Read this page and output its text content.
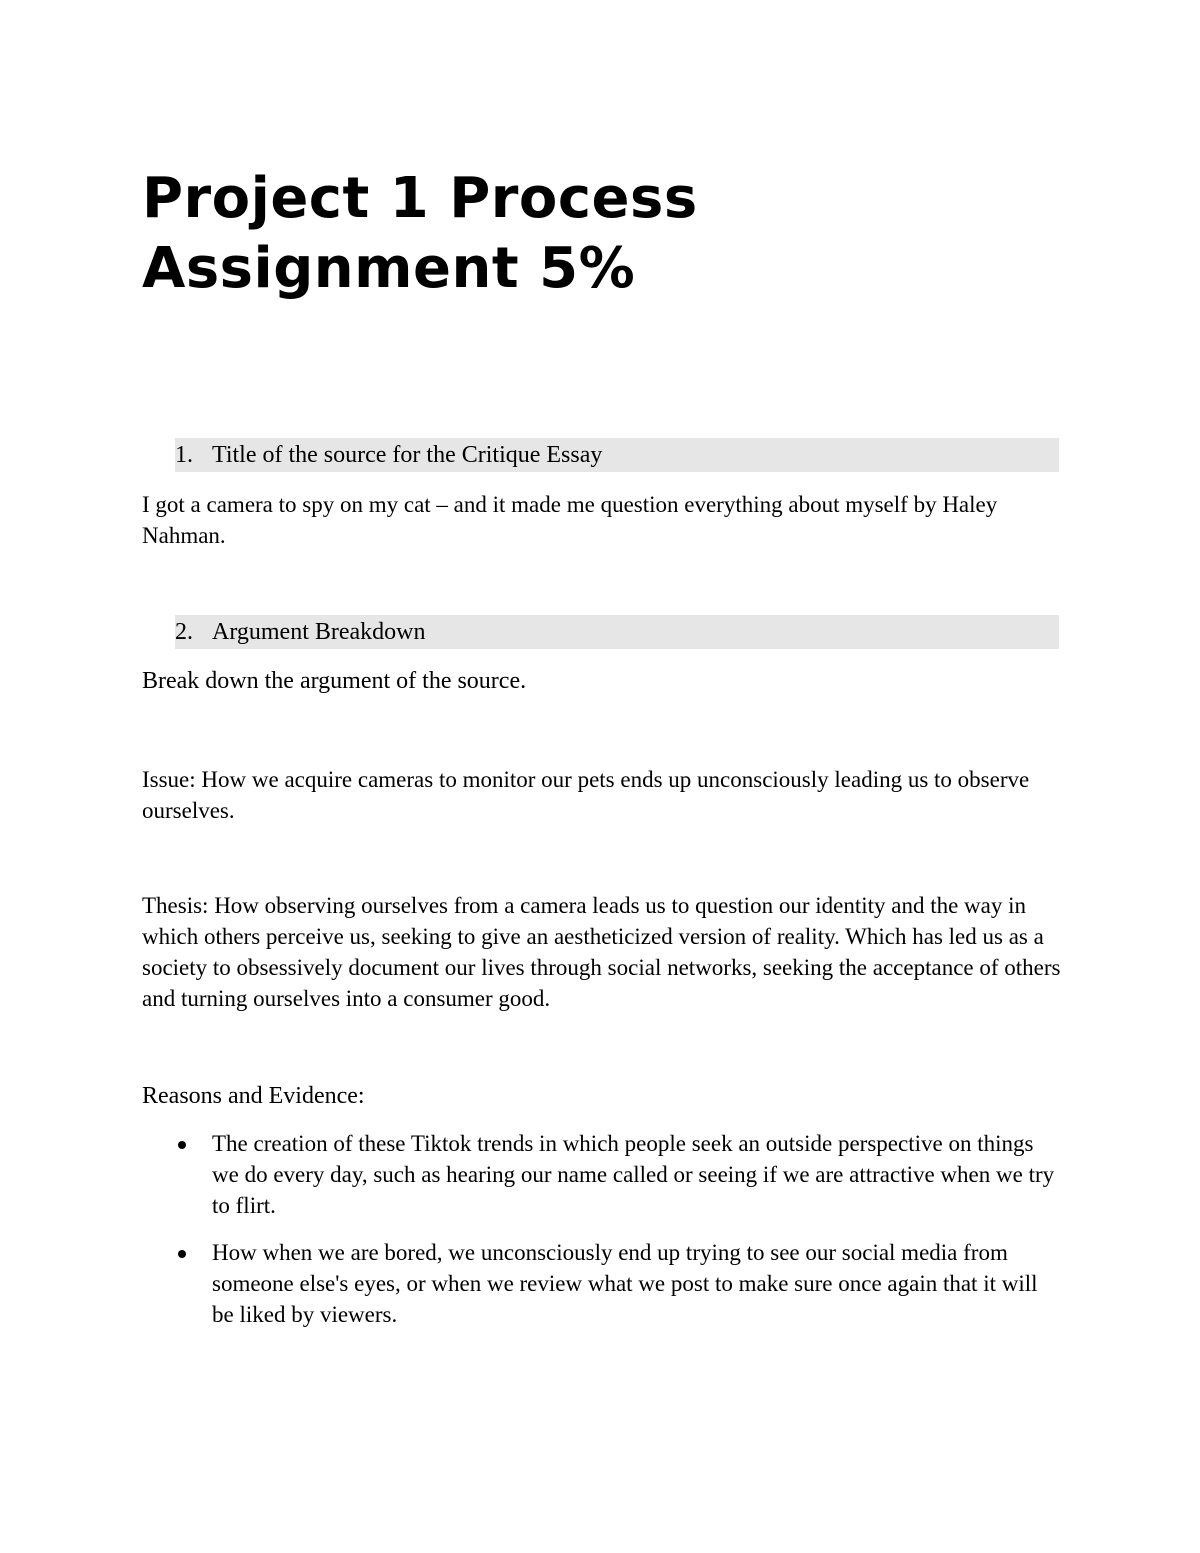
Project 1 Process
Assignment 5%
1. Title of the source for the Critique Essay

I got a camera to spy on my cat – and it made me question everything about myself by Haley Nahman.

2. Argument Breakdown

Break down the argument of the source.

Issue: How we acquire cameras to monitor our pets ends up unconsciously leading us to observe ourselves.

Thesis: How observing ourselves from a camera leads us to question our identity and the way in which others perceive us, seeking to give an aestheticized version of reality. Which has led us as a society to obsessively document our lives through social networks, seeking the acceptance of others and turning ourselves into a consumer good.

Reasons and Evidence:

The creation of these Tiktok trends in which people seek an outside perspective on things we do every day, such as hearing our name called or seeing if we are attractive when we try to flirt.
How when we are bored, we unconsciously end up trying to see our social media from someone else's eyes, or when we review what we post to make sure once again that it will be liked by viewers.
